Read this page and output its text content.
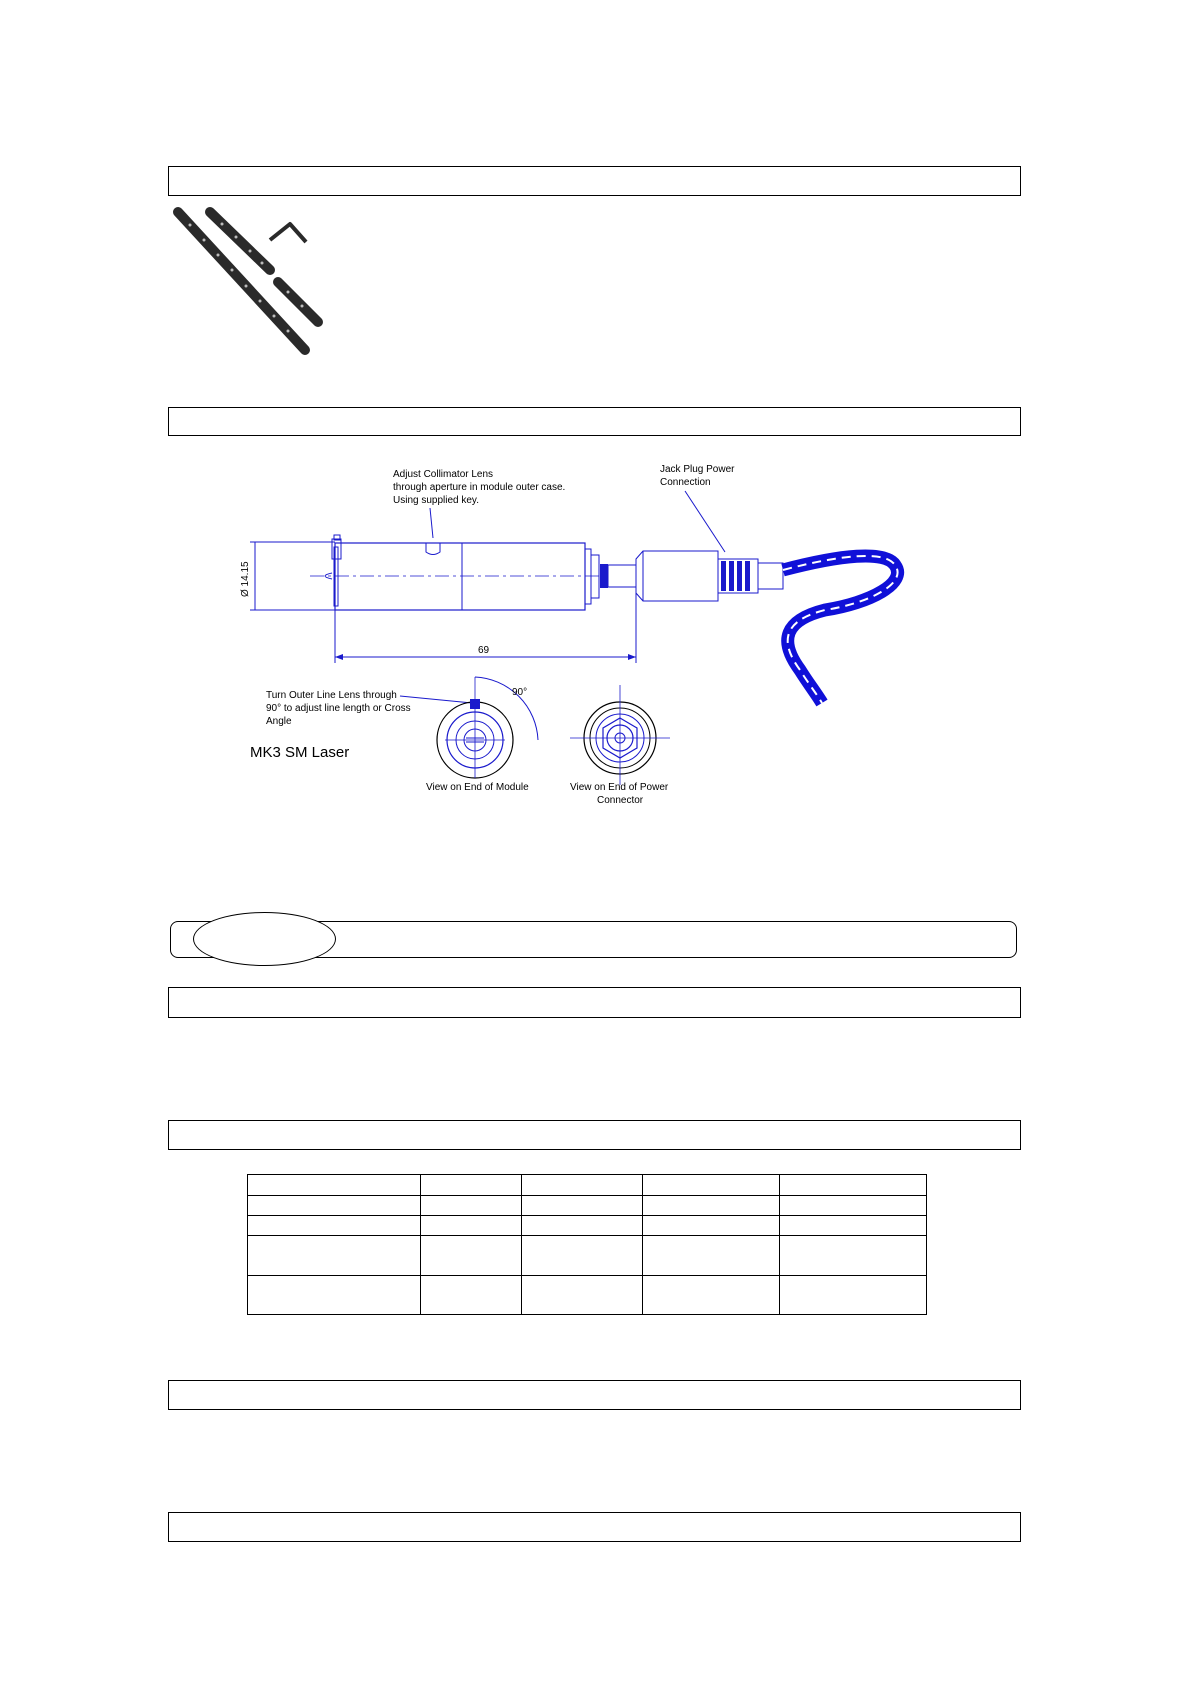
Adjust Collimator Lens
through aperture in module outer case.
Using supplied key.
Jack Plug Power
Connection
Ø 14.15
69
Turn Outer Line Lens through
90° to adjust line length or Cross
Angle
MK3 SM Laser
90°
View on End of Module	View on End of Power
Connector
